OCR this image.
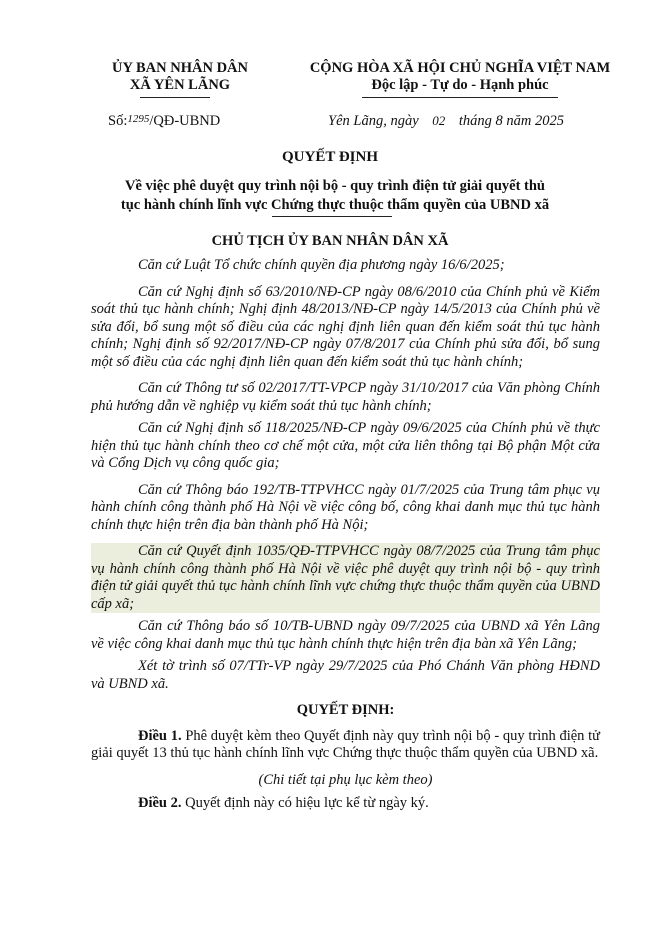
ỦY BAN NHÂN DÂN
XÃ YÊN LÃNG
CỘNG HÒA XÃ HỘI CHỦ NGHĨA VIỆT NAM
Độc lập - Tự do - Hạnh phúc
Số:$^{1295}$/QĐ-UBND	Yên Lãng, ngày 02 tháng 8 năm 2025
QUYẾT ĐỊNH
Về việc phê duyệt quy trình nội bộ - quy trình điện tử giải quyết thủ
tục hành chính lĩnh vực Chứng thực thuộc thẩm quyền của UBND xã
CHỦ TỊCH ỦY BAN NHÂN DÂN XÃ

Căn cứ Luật Tổ chức chính quyền địa phương ngày 16/6/2025;

Căn cứ Nghị định số 63/2010/NĐ-CP ngày 08/6/2010 của Chính phủ về Kiểm soát thủ tục hành chính; Nghị định 48/2013/NĐ-CP ngày 14/5/2013 của Chính phủ về sửa đổi, bổ sung một số điều của các nghị định liên quan đến kiểm soát thủ tục hành chính; Nghị định số 92/2017/NĐ-CP ngày 07/8/2017 của Chính phủ sửa đổi, bổ sung một số điều của các nghị định liên quan đến kiểm soát thủ tục hành chính;

Căn cứ Thông tư số 02/2017/TT-VPCP ngày 31/10/2017 của Văn phòng Chính phủ hướng dẫn về nghiệp vụ kiểm soát thủ tục hành chính;

Căn cứ Nghị định số 118/2025/NĐ-CP ngày 09/6/2025 của Chính phủ về thực hiện thủ tục hành chính theo cơ chế một cửa, một cửa liên thông tại Bộ phận Một cửa và Cổng Dịch vụ công quốc gia;

Căn cứ Thông báo 192/TB-TTPVHCC ngày 01/7/2025 của Trung tâm phục vụ hành chính công thành phố Hà Nội về việc công bố, công khai danh mục thủ tục hành chính thực hiện trên địa bàn thành phố Hà Nội;

Căn cứ Quyết định 1035/QĐ-TTPVHCC ngày 08/7/2025 của Trung tâm phục vụ hành chính công thành phố Hà Nội về việc phê duyệt quy trình nội bộ - quy trình điện tử giải quyết thủ tục hành chính lĩnh vực chứng thực thuộc thẩm quyền của UBND cấp xã;

Căn cứ Thông báo số 10/TB-UBND ngày 09/7/2025 của UBND xã Yên Lãng về việc công khai danh mục thủ tục hành chính thực hiện trên địa bàn xã Yên Lãng;

Xét tờ trình số 07/TTr-VP ngày 29/7/2025 của Phó Chánh Văn phòng HĐND và UBND xã.

QUYẾT ĐỊNH:

Điều 1. Phê duyệt kèm theo Quyết định này quy trình nội bộ - quy trình điện tử giải quyết 13 thủ tục hành chính lĩnh vực Chứng thực thuộc thẩm quyền của UBND xã.

(Chi tiết tại phụ lục kèm theo)

Điều 2. Quyết định này có hiệu lực kể từ ngày ký.
